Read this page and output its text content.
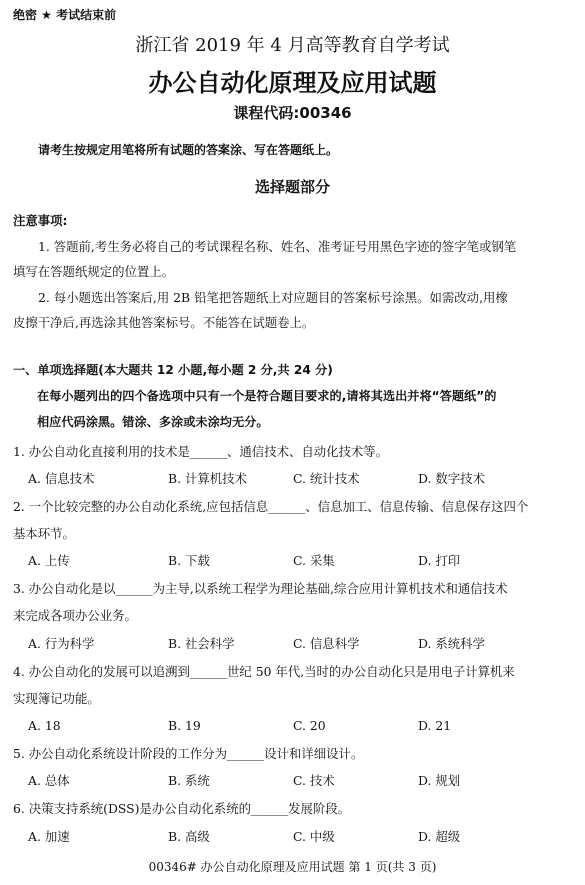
绝密 ★ 考试结束前
浙江省 2019 年 4 月高等教育自学考试
办公自动化原理及应用试题
课程代码:00346
请考生按规定用笔将所有试题的答案涂、写在答题纸上。
选择题部分
注意事项:
1. 答题前,考生务必将自己的考试课程名称、姓名、准考证号用黑色字迹的签字笔或钢笔
填写在答题纸规定的位置上。
2. 每小题选出答案后,用 2B 铅笔把答题纸上对应题目的答案标号涂黑。如需改动,用橡
皮擦干净后,再选涂其他答案标号。不能答在试题卷上。
一、单项选择题(本大题共 12 小题,每小题 2 分,共 24 分)
在每小题列出的四个备选项中只有一个是符合题目要求的,请将其选出并将“答题纸”的
相应代码涂黑。错涂、多涂或未涂均无分。
1. 办公自动化直接利用的技术是______、通信技术、自动化技术等。
A. 信息技术	B. 计算机技术	C. 统计技术	D. 数字技术
2. 一个比较完整的办公自动化系统,应包括信息______、信息加工、信息传输、信息保存这四个
基本环节。
A. 上传	B. 下载	C. 采集	D. 打印
3. 办公自动化是以______为主导,以系统工程学为理论基础,综合应用计算机技术和通信技术
来完成各项办公业务。
A. 行为科学	B. 社会科学	C. 信息科学	D. 系统科学
4. 办公自动化的发展可以追溯到______世纪 50 年代,当时的办公自动化只是用电子计算机来
实现簿记功能。
A. 18	B. 19	C. 20	D. 21
5. 办公自动化系统设计阶段的工作分为______设计和详细设计。
A. 总体	B. 系统	C. 技术	D. 规划
6. 决策支持系统(DSS)是办公自动化系统的______发展阶段。
A. 加速	B. 高级	C. 中级	D. 超级
00346# 办公自动化原理及应用试题 第 1 页(共 3 页)
